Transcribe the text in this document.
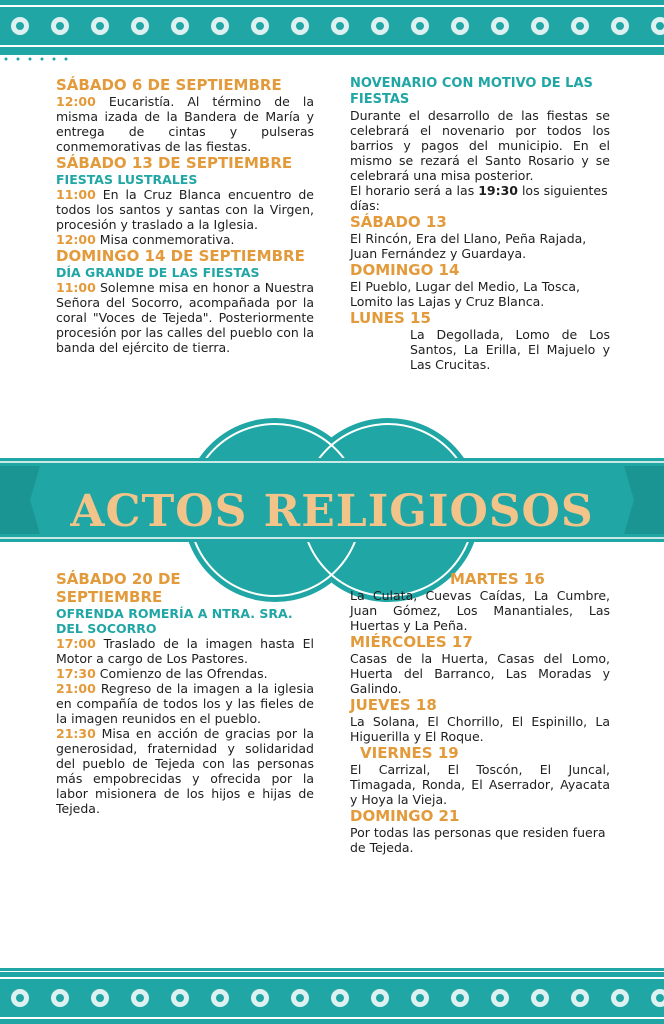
ACTOS RELIGIOSOS

SÁBADO 6 DE SEPTIEMBRE

12:00 Eucaristía. Al término de la misma izada de la Bandera de María y entrega de cintas y pulseras conmemorativas de las fiestas.

SÁBADO 13 DE SEPTIEMBRE

FIESTAS LUSTRALES

11:00 En la Cruz Blanca encuentro de todos los santos y santas con la Virgen, procesión y traslado a la Iglesia.

12:00 Misa conmemorativa.

DOMINGO 14 DE SEPTIEMBRE

DÍA GRANDE DE LAS FIESTAS

11:00 Solemne misa en honor a Nuestra Señora del Socorro, acompañada por la coral "Voces de Tejeda". Posteriormente procesión por las calles del pueblo con la banda del ejército de tierra.

NOVENARIO CON MOTIVO DE LAS FIESTAS

Durante el desarrollo de las fiestas se celebrará el novenario por todos los barrios y pagos del municipio. En el mismo se rezará el Santo Rosario y se celebrará una misa posterior.

El horario será a las 19:30 los siguientes días:

SÁBADO 13

El Rincón, Era del Llano, Peña Rajada, Juan Fernández y Guardaya.

DOMINGO 14

El Pueblo, Lugar del Medio, La Tosca, Lomito las Lajas y Cruz Blanca.

LUNES 15

La Degollada, Lomo de Los Santos, La Erilla, El Majuelo y Las Crucitas.

SÁBADO 20 DE SEPTIEMBRE

OFRENDA ROMERÍA A NTRA. SRA. DEL SOCORRO

17:00 Traslado de la imagen hasta El Motor a cargo de Los Pastores.

17:30 Comienzo de las Ofrendas.

21:00 Regreso de la imagen a la iglesia en compañía de todos los y las fieles de la imagen reunidos en el pueblo.

21:30 Misa en acción de gracias por la generosidad, fraternidad y solidaridad del pueblo de Tejeda con las personas más empobrecidas y ofrecida por la labor misionera de los hijos e hijas de Tejeda.

MARTES 16

La Culata, Cuevas Caídas, La Cumbre, Juan Gómez, Los Manantiales, Las Huertas y La Peña.

MIÉRCOLES 17

Casas de la Huerta, Casas del Lomo, Huerta del Barranco, Las Moradas y Galindo.

JUEVES 18

La Solana, El Chorrillo, El Espinillo, La Higuerilla y El Roque.

VIERNES 19

El Carrizal, El Toscón, El Juncal, Timagada, Ronda, El Aserrador, Ayacata y Hoya la Vieja.

DOMINGO 21

Por todas las personas que residen fuera de Tejeda.
